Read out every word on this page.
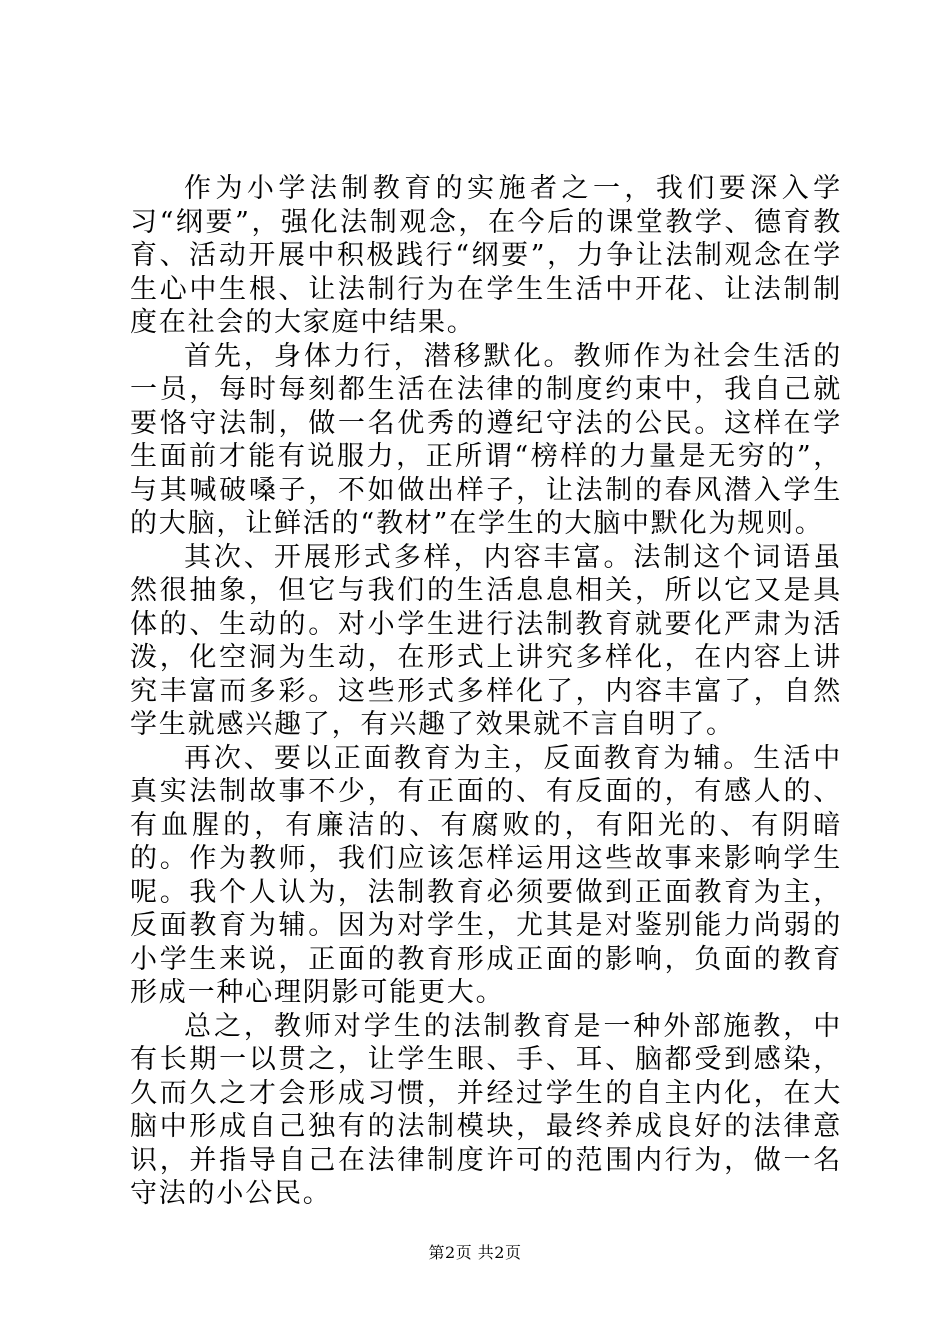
作为小学法制教育的实施者之一，我们要深入学习“纲要”，强化法制观念，在今后的课堂教学、德育教育、活动开展中积极践行“纲要”，力争让法制观念在学生心中生根、让法制行为在学生生活中开花、让法制制度在社会的大家庭中结果。

首先，身体力行，潜移默化。教师作为社会生活的一员，每时每刻都生活在法律的制度约束中，我自己就要恪守法制，做一名优秀的遵纪守法的公民。这样在学生面前才能有说服力，正所谓“榜样的力量是无穷的”，与其喊破嗓子，不如做出样子，让法制的春风潜入学生的大脑，让鲜活的“教材”在学生的大脑中默化为规则。

其次、开展形式多样，内容丰富。法制这个词语虽然很抽象，但它与我们的生活息息相关，所以它又是具体的、生动的。对小学生进行法制教育就要化严肃为活泼，化空洞为生动，在形式上讲究多样化，在内容上讲究丰富而多彩。这些形式多样化了，内容丰富了，自然学生就感兴趣了，有兴趣了效果就不言自明了。

再次、要以正面教育为主，反面教育为辅。生活中真实法制故事不少，有正面的、有反面的，有感人的、有血腥的，有廉洁的、有腐败的，有阳光的、有阴暗的。作为教师，我们应该怎样运用这些故事来影响学生呢。我个人认为，法制教育必须要做到正面教育为主，反面教育为辅。因为对学生，尤其是对鉴别能力尚弱的小学生来说，正面的教育形成正面的影响，负面的教育形成一种心理阴影可能更大。

总之，教师对学生的法制教育是一种外部施教，中有长期一以贯之，让学生眼、手、耳、脑都受到感染，久而久之才会形成习惯，并经过学生的自主内化，在大脑中形成自己独有的法制模块，最终养成良好的法律意识，并指导自己在法律制度许可的范围内行为，做一名守法的小公民。

第2页 共2页
